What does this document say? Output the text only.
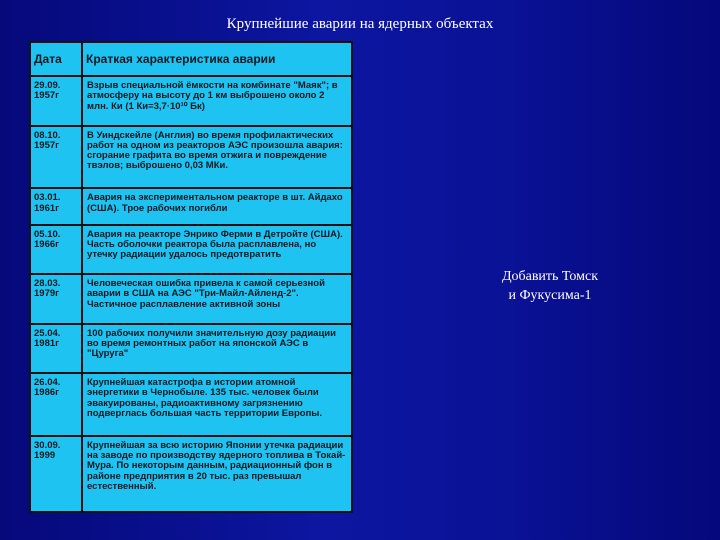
Крупнейшие аварии на ядерных объектах
Дата	Краткая характеристика аварии
29.09.
1957г	Взрыв специальной ёмкости на комбинате "Маяк"; в атмосферу на высоту до 1 км выброшено около 2 млн. Ки (1 Ки=3,7·10¹⁰ Бк)
08.10.
1957г	В Уиндскейле (Англия) во время профилактических работ на одном из реакторов АЭС произошла авария: сгорание графита во время отжига и повреждение твэлов; выброшено 0,03 МКи.
03.01.
1961г	Авария на экспериментальном реакторе в шт. Айдахо (США). Трое рабочих погибли
05.10.
1966г	Авария на реакторе Энрико Ферми в Детройте (США). Часть оболочки реактора была расплавлена, но утечку радиации удалось предотвратить
28.03.
1979г	Человеческая ошибка привела к самой серьезной аварии в США на АЭС "Три-Майл-Айленд-2". Частичное расплавление активной зоны
25.04.
1981г	100 рабочих получили значительную дозу радиации во время ремонтных работ на японской АЭС в "Цуруга"
26.04.
1986г	Крупнейшая катастрофа в истории атомной энергетики в Чернобыле. 135 тыс. человек были эвакуированы, радиоактивному загрязнению подверглась большая часть территории Европы.
30.09.
1999	Крупнейшая за всю историю Японии утечка радиации на заводе по производству ядерного топлива в Токай-Мура. По некоторым данным, радиационный фон в районе предприятия в 20 тыс. раз превышал естественный.
Добавить Томск
и Фукусима-1
